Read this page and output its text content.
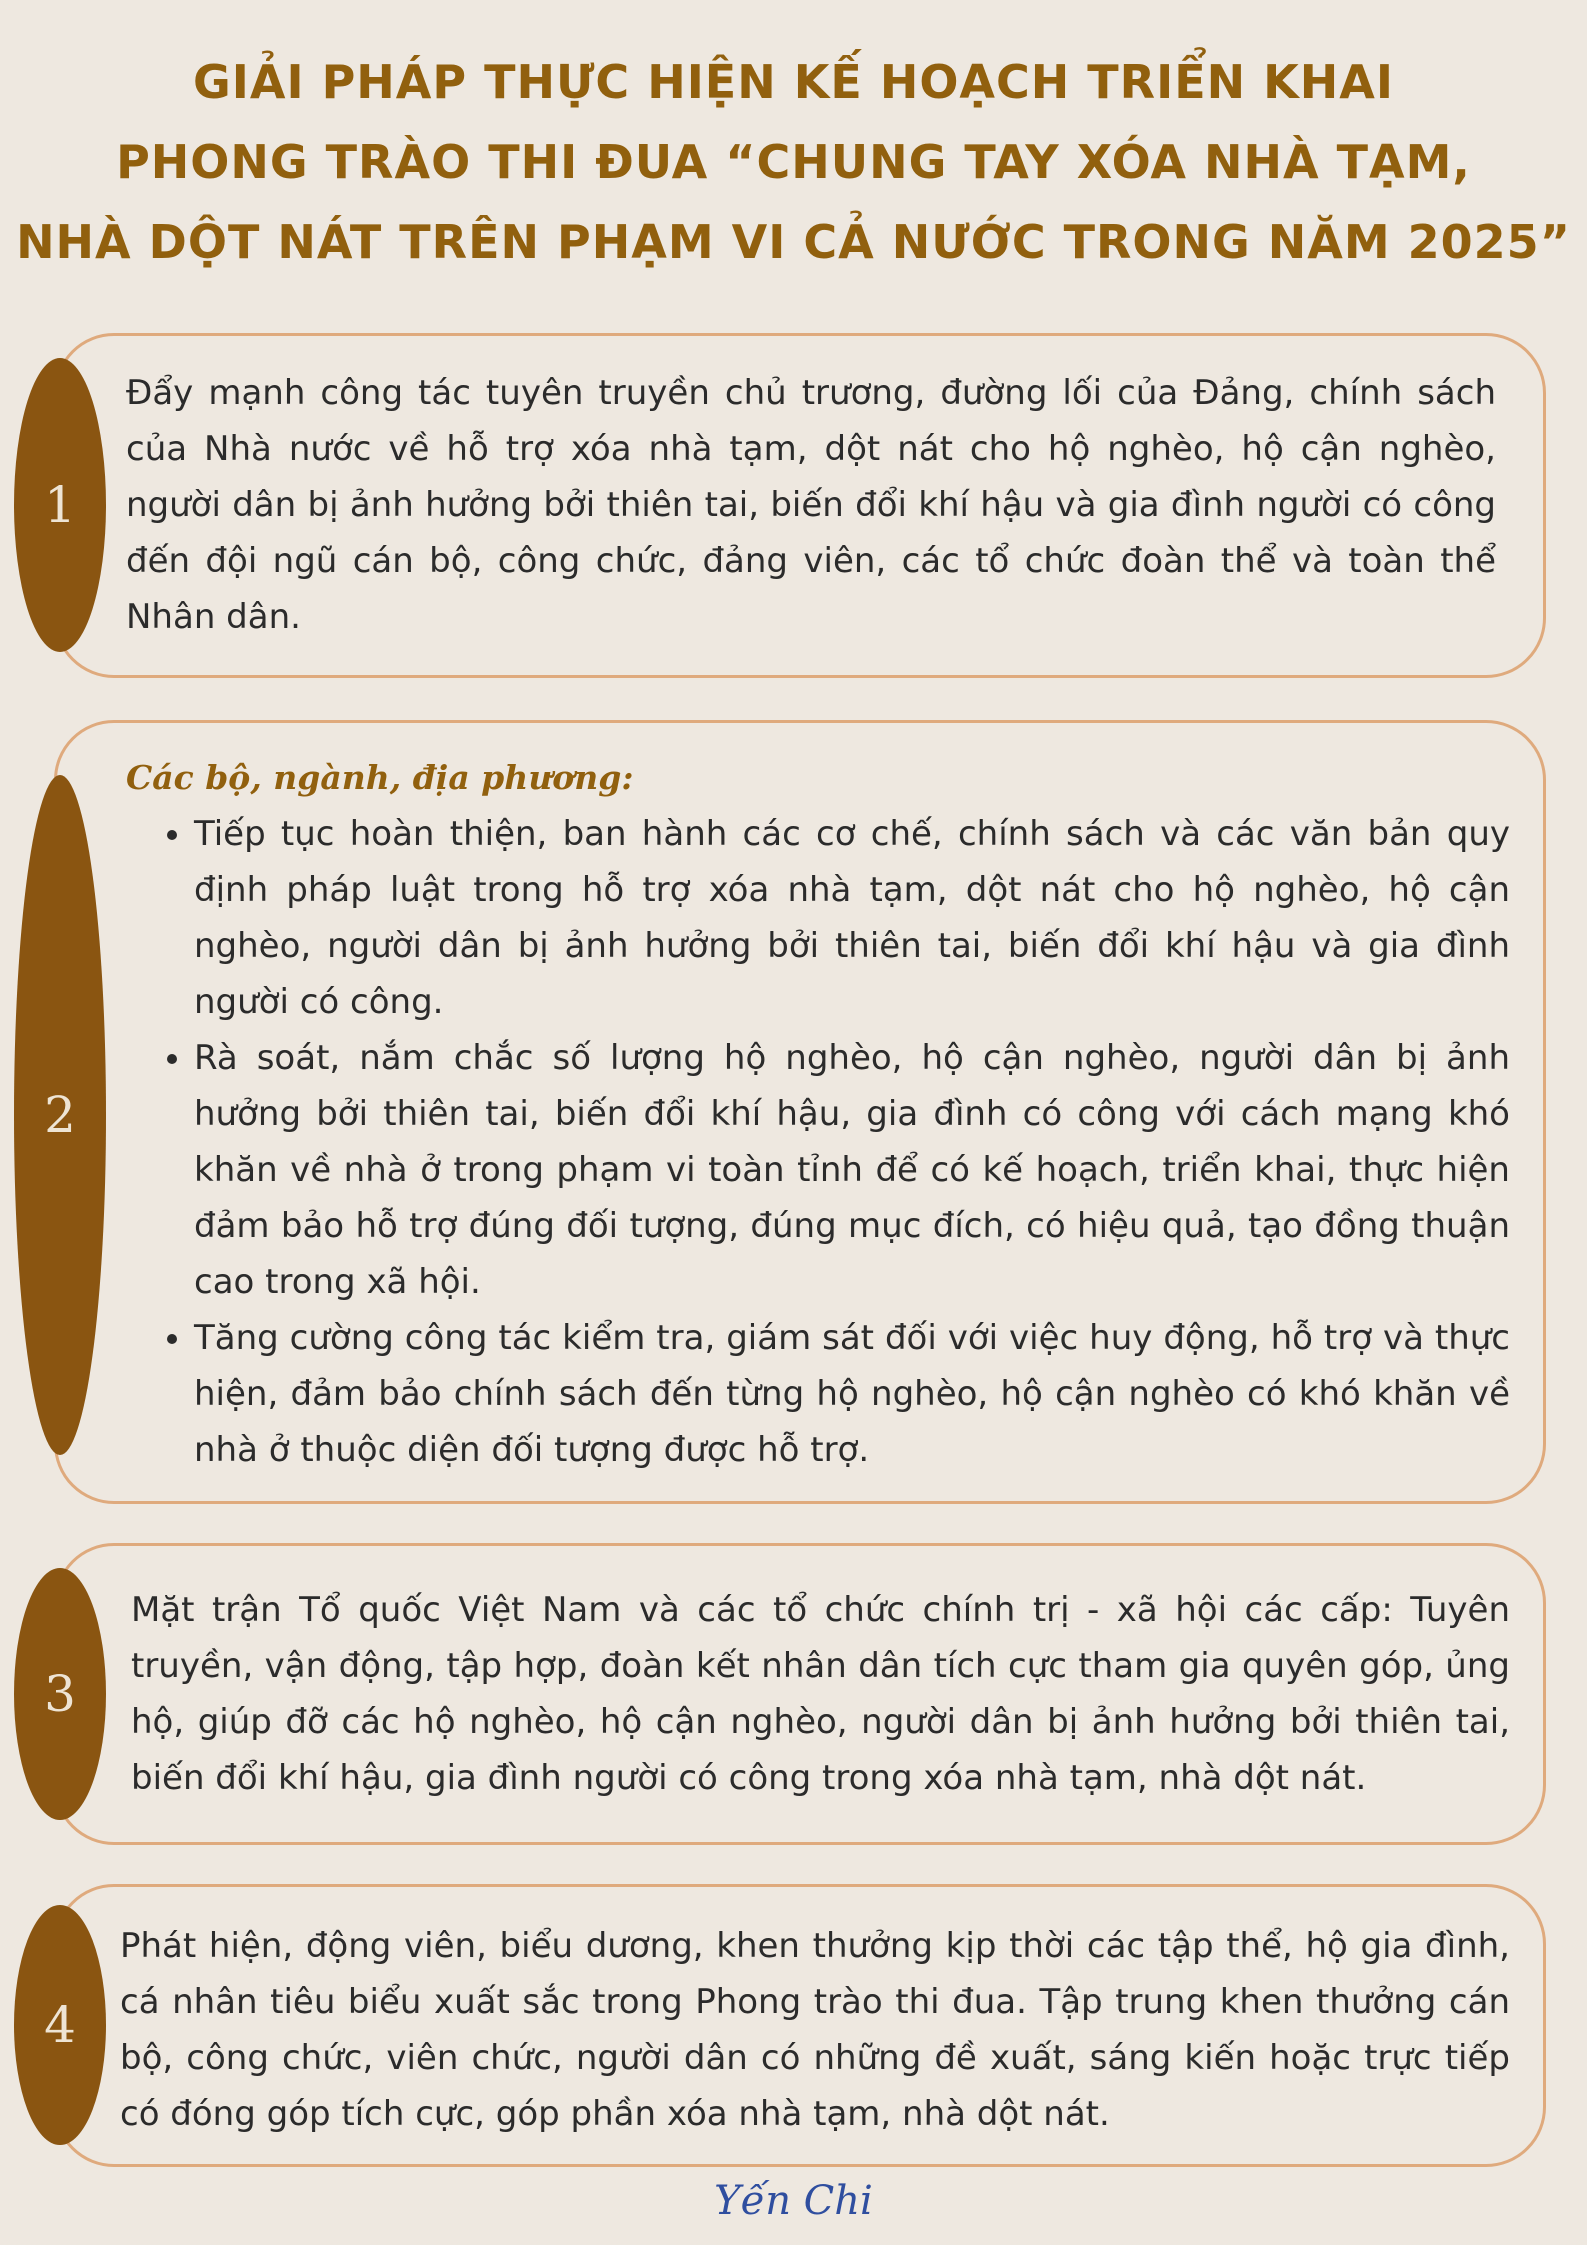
GIẢI PHÁP THỰC HIỆN KẾ HOẠCH TRIỂN KHAI
PHONG TRÀO THI ĐUA “CHUNG TAY XÓA NHÀ TẠM,
NHÀ DỘT NÁT TRÊN PHẠM VI CẢ NƯỚC TRONG NĂM 2025”
1

Đẩy mạnh công tác tuyên truyền chủ trương, đường lối của Đảng, chính sách của Nhà nước về hỗ trợ xóa nhà tạm, dột nát cho hộ nghèo, hộ cận nghèo, người dân bị ảnh hưởng bởi thiên tai, biến đổi khí hậu và gia đình người có công đến đội ngũ cán bộ, công chức, đảng viên, các tổ chức đoàn thể và toàn thể Nhân dân.

2
Các bộ, ngành, địa phương:
• Tiếp tục hoàn thiện, ban hành các cơ chế, chính sách và các văn bản quy định pháp luật trong hỗ trợ xóa nhà tạm, dột nát cho hộ nghèo, hộ cận nghèo, người dân bị ảnh hưởng bởi thiên tai, biến đổi khí hậu và gia đình người có công.
• Rà soát, nắm chắc số lượng hộ nghèo, hộ cận nghèo, người dân bị ảnh hưởng bởi thiên tai, biến đổi khí hậu, gia đình có công với cách mạng khó khăn về nhà ở trong phạm vi toàn tỉnh để có kế hoạch, triển khai, thực hiện đảm bảo hỗ trợ đúng đối tượng, đúng mục đích, có hiệu quả, tạo đồng thuận cao trong xã hội.
• Tăng cường công tác kiểm tra, giám sát đối với việc huy động, hỗ trợ và thực hiện, đảm bảo chính sách đến từng hộ nghèo, hộ cận nghèo có khó khăn về nhà ở thuộc diện đối tượng được hỗ trợ.
3

Mặt trận Tổ quốc Việt Nam và các tổ chức chính trị - xã hội các cấp: Tuyên truyền, vận động, tập hợp, đoàn kết nhân dân tích cực tham gia quyên góp, ủng hộ, giúp đỡ các hộ nghèo, hộ cận nghèo, người dân bị ảnh hưởng bởi thiên tai, biến đổi khí hậu, gia đình người có công trong xóa nhà tạm, nhà dột nát.

4

Phát hiện, động viên, biểu dương, khen thưởng kịp thời các tập thể, hộ gia đình, cá nhân tiêu biểu xuất sắc trong Phong trào thi đua. Tập trung khen thưởng cán bộ, công chức, viên chức, người dân có những đề xuất, sáng kiến hoặc trực tiếp có đóng góp tích cực, góp phần xóa nhà tạm, nhà dột nát.

Yến Chi
